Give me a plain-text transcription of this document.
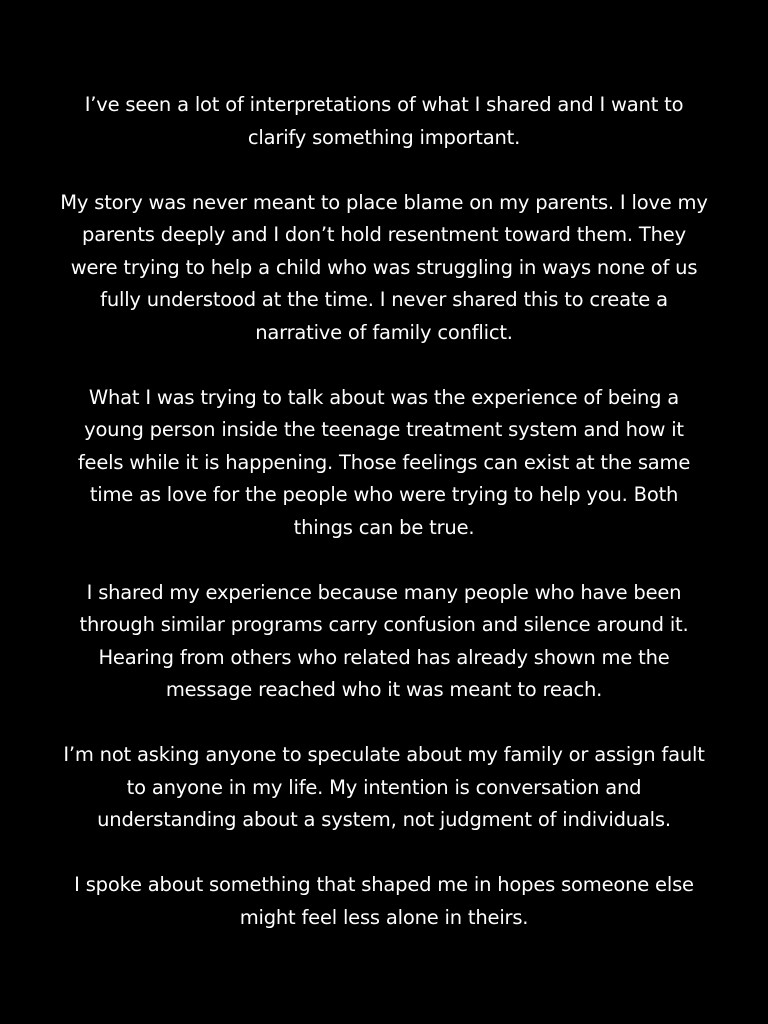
I’ve seen a lot of interpretations of what I shared and I want to
clarify something important.

My story was never meant to place blame on my parents. I love my
parents deeply and I don’t hold resentment toward them. They
were trying to help a child who was struggling in ways none of us
fully understood at the time. I never shared this to create a
narrative of family conflict.

What I was trying to talk about was the experience of being a
young person inside the teenage treatment system and how it
feels while it is happening. Those feelings can exist at the same
time as love for the people who were trying to help you. Both
things can be true.

I shared my experience because many people who have been
through similar programs carry confusion and silence around it.
Hearing from others who related has already shown me the
message reached who it was meant to reach.

I’m not asking anyone to speculate about my family or assign fault
to anyone in my life. My intention is conversation and
understanding about a system, not judgment of individuals.

I spoke about something that shaped me in hopes someone else
might feel less alone in theirs.
